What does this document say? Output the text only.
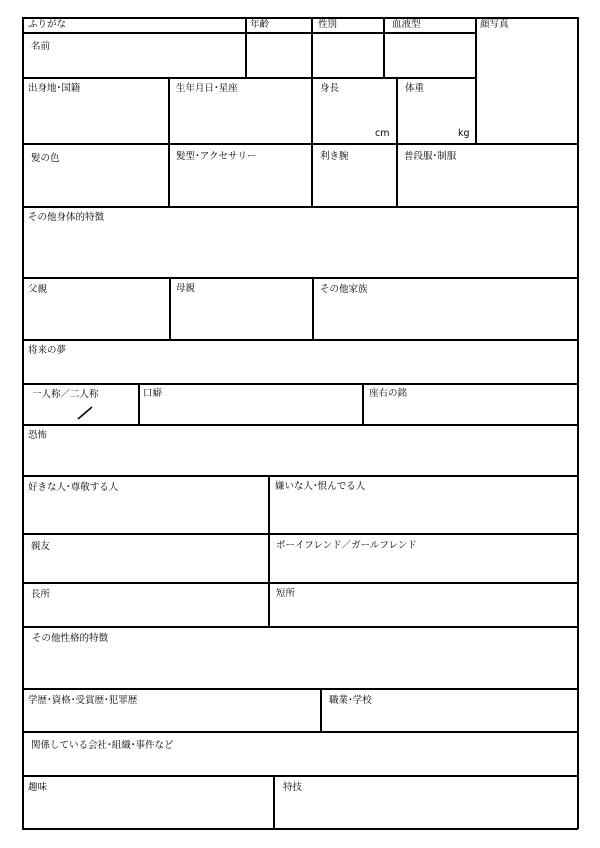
ふりがな	年齢	性別	血液型	顔写真
名前
出身地･国籍	生年月日･星座	身長	体重
cm	kg
髪の色	髪型･アクセサリー	利き腕	普段服･制服
その他身体的特徴
父親	母親	その他家族
将来の夢
一人称／二人称	口癖	座右の銘
恐怖
好きな人･尊敬する人	嫌いな人･恨んでる人
親友	ボーイフレンド／ガールフレンド
長所	短所
その他性格的特徴
学歴･資格･受賞歴･犯罪歴	職業･学校
関係している会社･組織･事件など
趣味	特技
